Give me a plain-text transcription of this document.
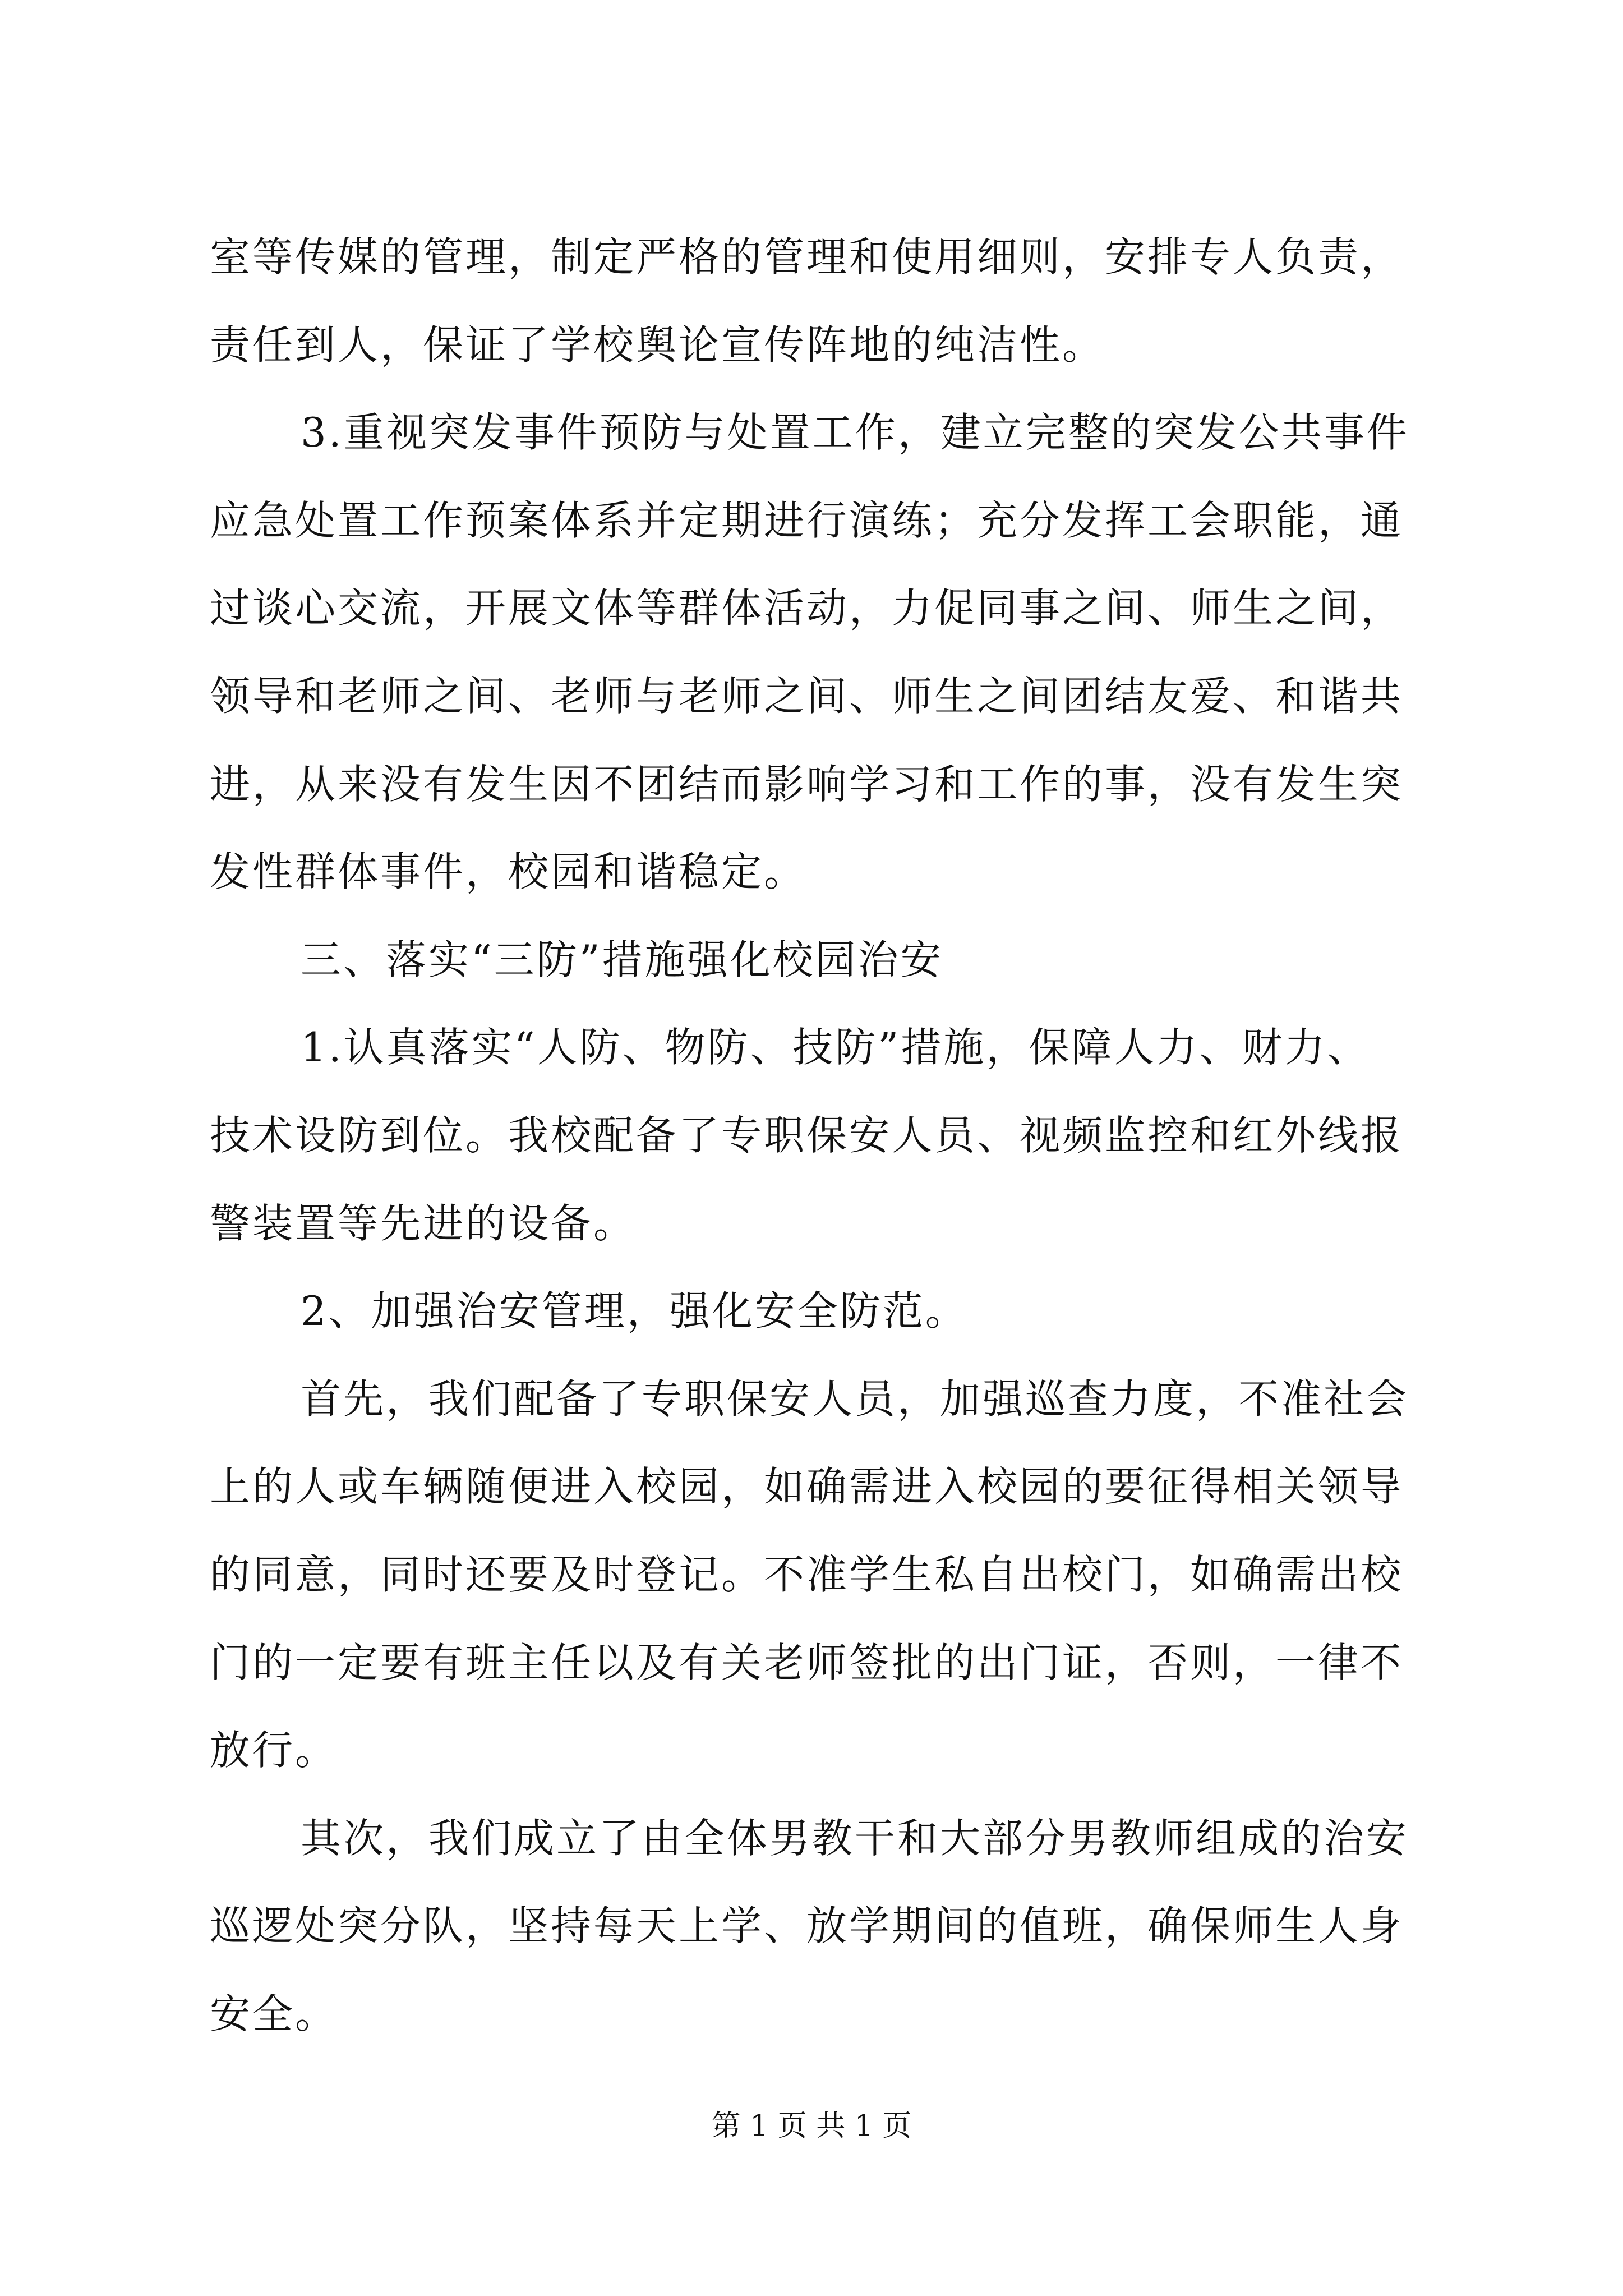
室等传媒的管理，制定严格的管理和使用细则，安排专人负责，
责任到人，保证了学校舆论宣传阵地的纯洁性。
3.重视突发事件预防与处置工作，建立完整的突发公共事件
应急处置工作预案体系并定期进行演练；充分发挥工会职能，通
过谈心交流，开展文体等群体活动，力促同事之间、师生之间，
领导和老师之间、老师与老师之间、师生之间团结友爱、和谐共
进，从来没有发生因不团结而影响学习和工作的事，没有发生突
发性群体事件，校园和谐稳定。
三、落实“三防”措施强化校园治安
1.认真落实“人防、物防、技防”措施，保障人力、财力、
技术设防到位。我校配备了专职保安人员、视频监控和红外线报
警装置等先进的设备。
2、加强治安管理，强化安全防范。
首先，我们配备了专职保安人员，加强巡查力度，不准社会
上的人或车辆随便进入校园，如确需进入校园的要征得相关领导
的同意，同时还要及时登记。不准学生私自出校门，如确需出校
门的一定要有班主任以及有关老师签批的出门证，否则，一律不
放行。
其次，我们成立了由全体男教干和大部分男教师组成的治安
巡逻处突分队，坚持每天上学、放学期间的值班，确保师生人身
安全。
第 1 页 共 1 页
